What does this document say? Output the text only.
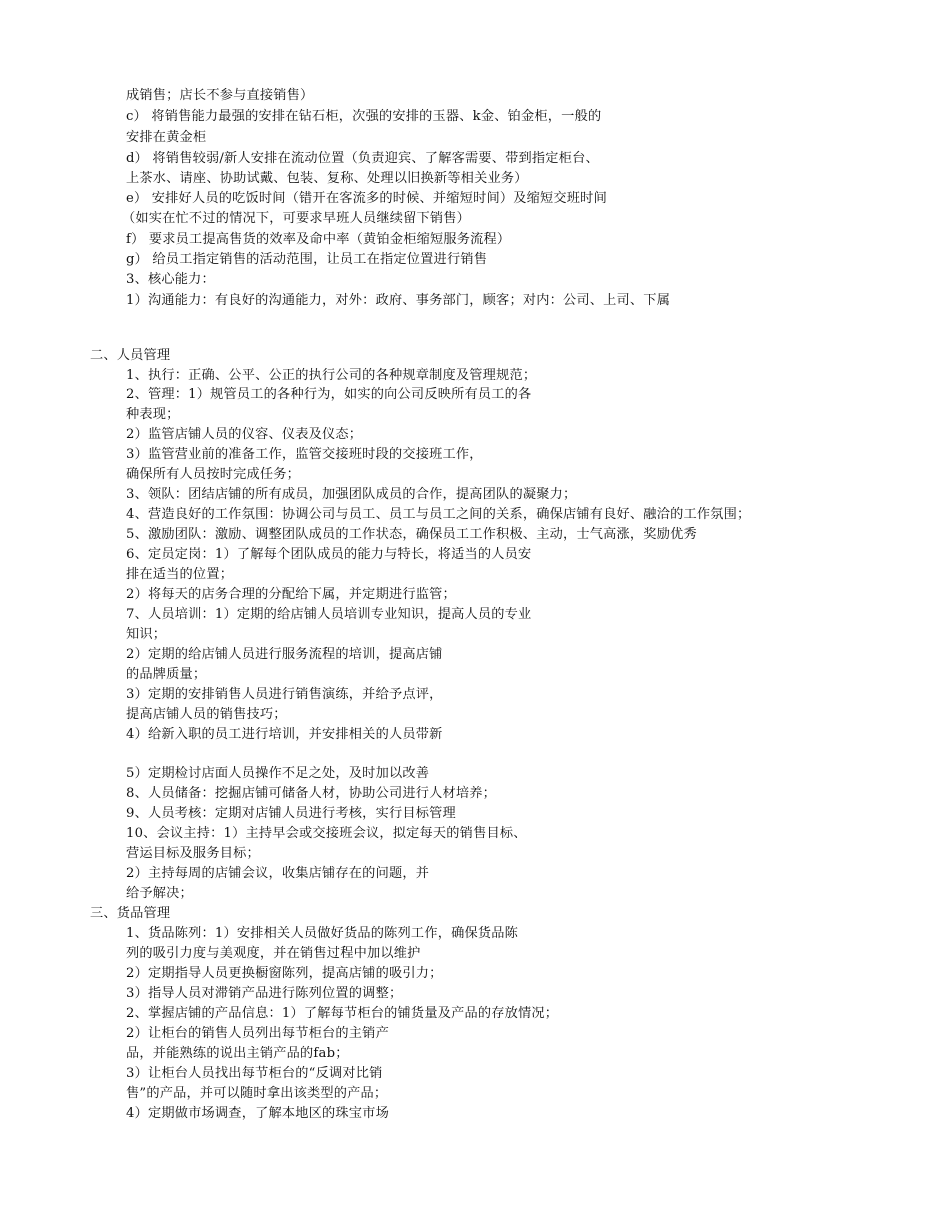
成销售；店长不参与直接销售）
c） 将销售能力最强的安排在钻石柜，次强的安排的玉器、k金、铂金柜，一般的
安排在黄金柜
d） 将销售较弱/新人安排在流动位置（负责迎宾、了解客需要、带到指定柜台、
上茶水、请座、协助试戴、包装、复称、处理以旧换新等相关业务）
e） 安排好人员的吃饭时间（错开在客流多的时候、并缩短时间）及缩短交班时间
（如实在忙不过的情况下，可要求早班人员继续留下销售）
f） 要求员工提高售货的效率及命中率（黄铂金柜缩短服务流程）
g） 给员工指定销售的活动范围，让员工在指定位置进行销售
3、核心能力：
1）沟通能力：有良好的沟通能力，对外：政府、事务部门，顾客；对内：公司、上司、下属
二、人员管理
1、执行：正确、公平、公正的执行公司的各种规章制度及管理规范；
2、管理：1）规管员工的各种行为，如实的向公司反映所有员工的各
种表现；
2）监管店铺人员的仪容、仪表及仪态；
3）监管营业前的准备工作，监管交接班时段的交接班工作，
确保所有人员按时完成任务；
3、领队：团结店铺的所有成员，加强团队成员的合作，提高团队的凝聚力；
4、营造良好的工作氛围：协调公司与员工、员工与员工之间的关系，确保店铺有良好、融洽的工作氛围；
5、激励团队：激励、调整团队成员的工作状态，确保员工工作积极、主动，士气高涨，奖励优秀
6、定员定岗：1）了解每个团队成员的能力与特长，将适当的人员安
排在适当的位置；
2）将每天的店务合理的分配给下属，并定期进行监管；
7、人员培训：1）定期的给店铺人员培训专业知识，提高人员的专业
知识；
2）定期的给店铺人员进行服务流程的培训，提高店铺
的品牌质量；
3）定期的安排销售人员进行销售演练，并给予点评，
提高店铺人员的销售技巧；
4）给新入职的员工进行培训，并安排相关的人员带新
5）定期检讨店面人员操作不足之处，及时加以改善
8、人员储备：挖掘店铺可储备人材，协助公司进行人材培养；
9、人员考核：定期对店铺人员进行考核，实行目标管理
10、会议主持：1）主持早会或交接班会议，拟定每天的销售目标、
营运目标及服务目标；
2）主持每周的店铺会议，收集店铺存在的问题，并
给予解决；
三、货品管理
1、货品陈列：1）安排相关人员做好货品的陈列工作，确保货品陈
列的吸引力度与美观度，并在销售过程中加以维护
2）定期指导人员更换橱窗陈列，提高店铺的吸引力；
3）指导人员对滞销产品进行陈列位置的调整；
2、掌握店铺的产品信息：1）了解每节柜台的铺货量及产品的存放情况；
2）让柜台的销售人员列出每节柜台的主销产
品，并能熟练的说出主销产品的fab；
3）让柜台人员找出每节柜台的“反调对比销
售”的产品，并可以随时拿出该类型的产品；
4）定期做市场调查，了解本地区的珠宝市场
